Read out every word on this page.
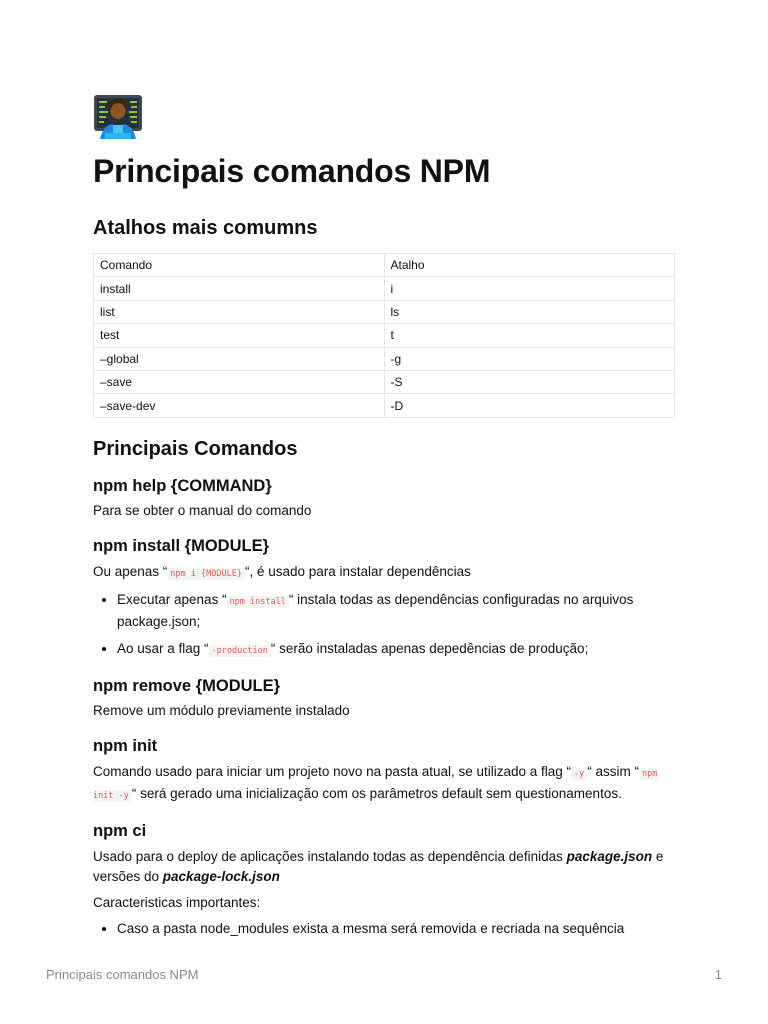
Principais comandos NPM
Atalhos mais comumns
Comando	Atalho
install	i
list	ls
test	t
–global	-g
–save	-S
–save-dev	-D
Principais Comandos
npm help {COMMAND}

Para se obter o manual do comando

npm install {MODULE}

Ou apenas “ npm i {MODULE} “, é usado para instalar dependências

• Executar apenas “ npm install “ instala todas as dependências configuradas no arquivos package.json;
• Ao usar a flag “ -production “ serão instaladas apenas depedências de produção;
npm remove {MODULE}

Remove um módulo previamente instalado

npm init

Comando usado para iniciar um projeto novo na pasta atual, se utilizado a flag “ -y “ assim “ npm init -y “ será gerado uma inicialização com os parâmetros default sem questionamentos.

npm ci

Usado para o deploy de aplicações instalando todas as dependência definidas package.json e versões do package-lock.json

Caracteristicas importantes:

• Caso a pasta node_modules exista a mesma será removida e recriada na sequência
Principais comandos NPM	1
